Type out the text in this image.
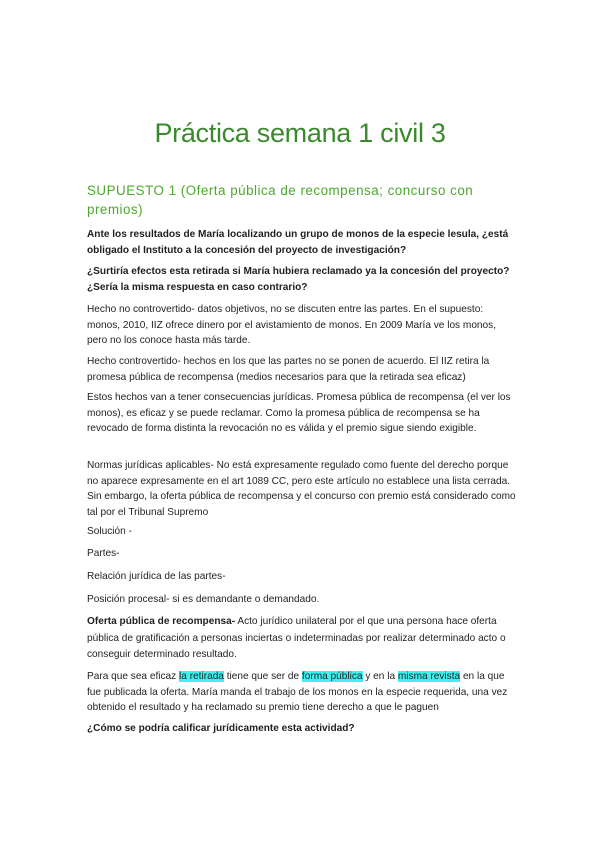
Práctica semana 1 civil 3
SUPUESTO 1 (Oferta pública de recompensa; concurso con premios)
Ante los resultados de María localizando un grupo de monos de la especie lesula, ¿está obligado el Instituto a la concesión del proyecto de investigación?
¿Surtiría efectos esta retirada si María hubiera reclamado ya la concesión del proyecto? ¿Sería la misma respuesta en caso contrario?
Hecho no controvertido- datos objetivos, no se discuten entre las partes. En el supuesto: monos, 2010, IIZ ofrece dinero por el avistamiento de monos. En 2009 María ve los monos, pero no los conoce hasta más tarde.
Hecho controvertido- hechos en los que las partes no se ponen de acuerdo. El IIZ retira la promesa pública de recompensa (medios necesarios para que la retirada sea eficaz)
Estos hechos van a tener consecuencias jurídicas. Promesa pública de recompensa (el ver los monos), es eficaz y se puede reclamar. Como la promesa pública de recompensa se ha revocado de forma distinta la revocación no es válida y el premio sigue siendo exigible.
Normas jurídicas aplicables- No está expresamente regulado como fuente del derecho porque no aparece expresamente en el art 1089 CC, pero este artículo no establece una lista cerrada. Sin embargo, la oferta pública de recompensa y el concurso con premio está considerado como tal por el Tribunal Supremo
Solución -
Partes-
Relación jurídica de las partes-
Posición procesal- si es demandante o demandado.
Oferta pública de recompensa- Acto jurídico unilateral por el que una persona hace oferta pública de gratificación a personas inciertas o indeterminadas por realizar determinado acto o conseguir determinado resultado.
Para que sea eficaz la retirada tiene que ser de forma pública y en la misma revista en la que fue publicada la oferta. María manda el trabajo de los monos en la especie requerida, una vez obtenido el resultado y ha reclamado su premio tiene derecho a que le paguen
¿Cómo se podría calificar jurídicamente esta actividad?
